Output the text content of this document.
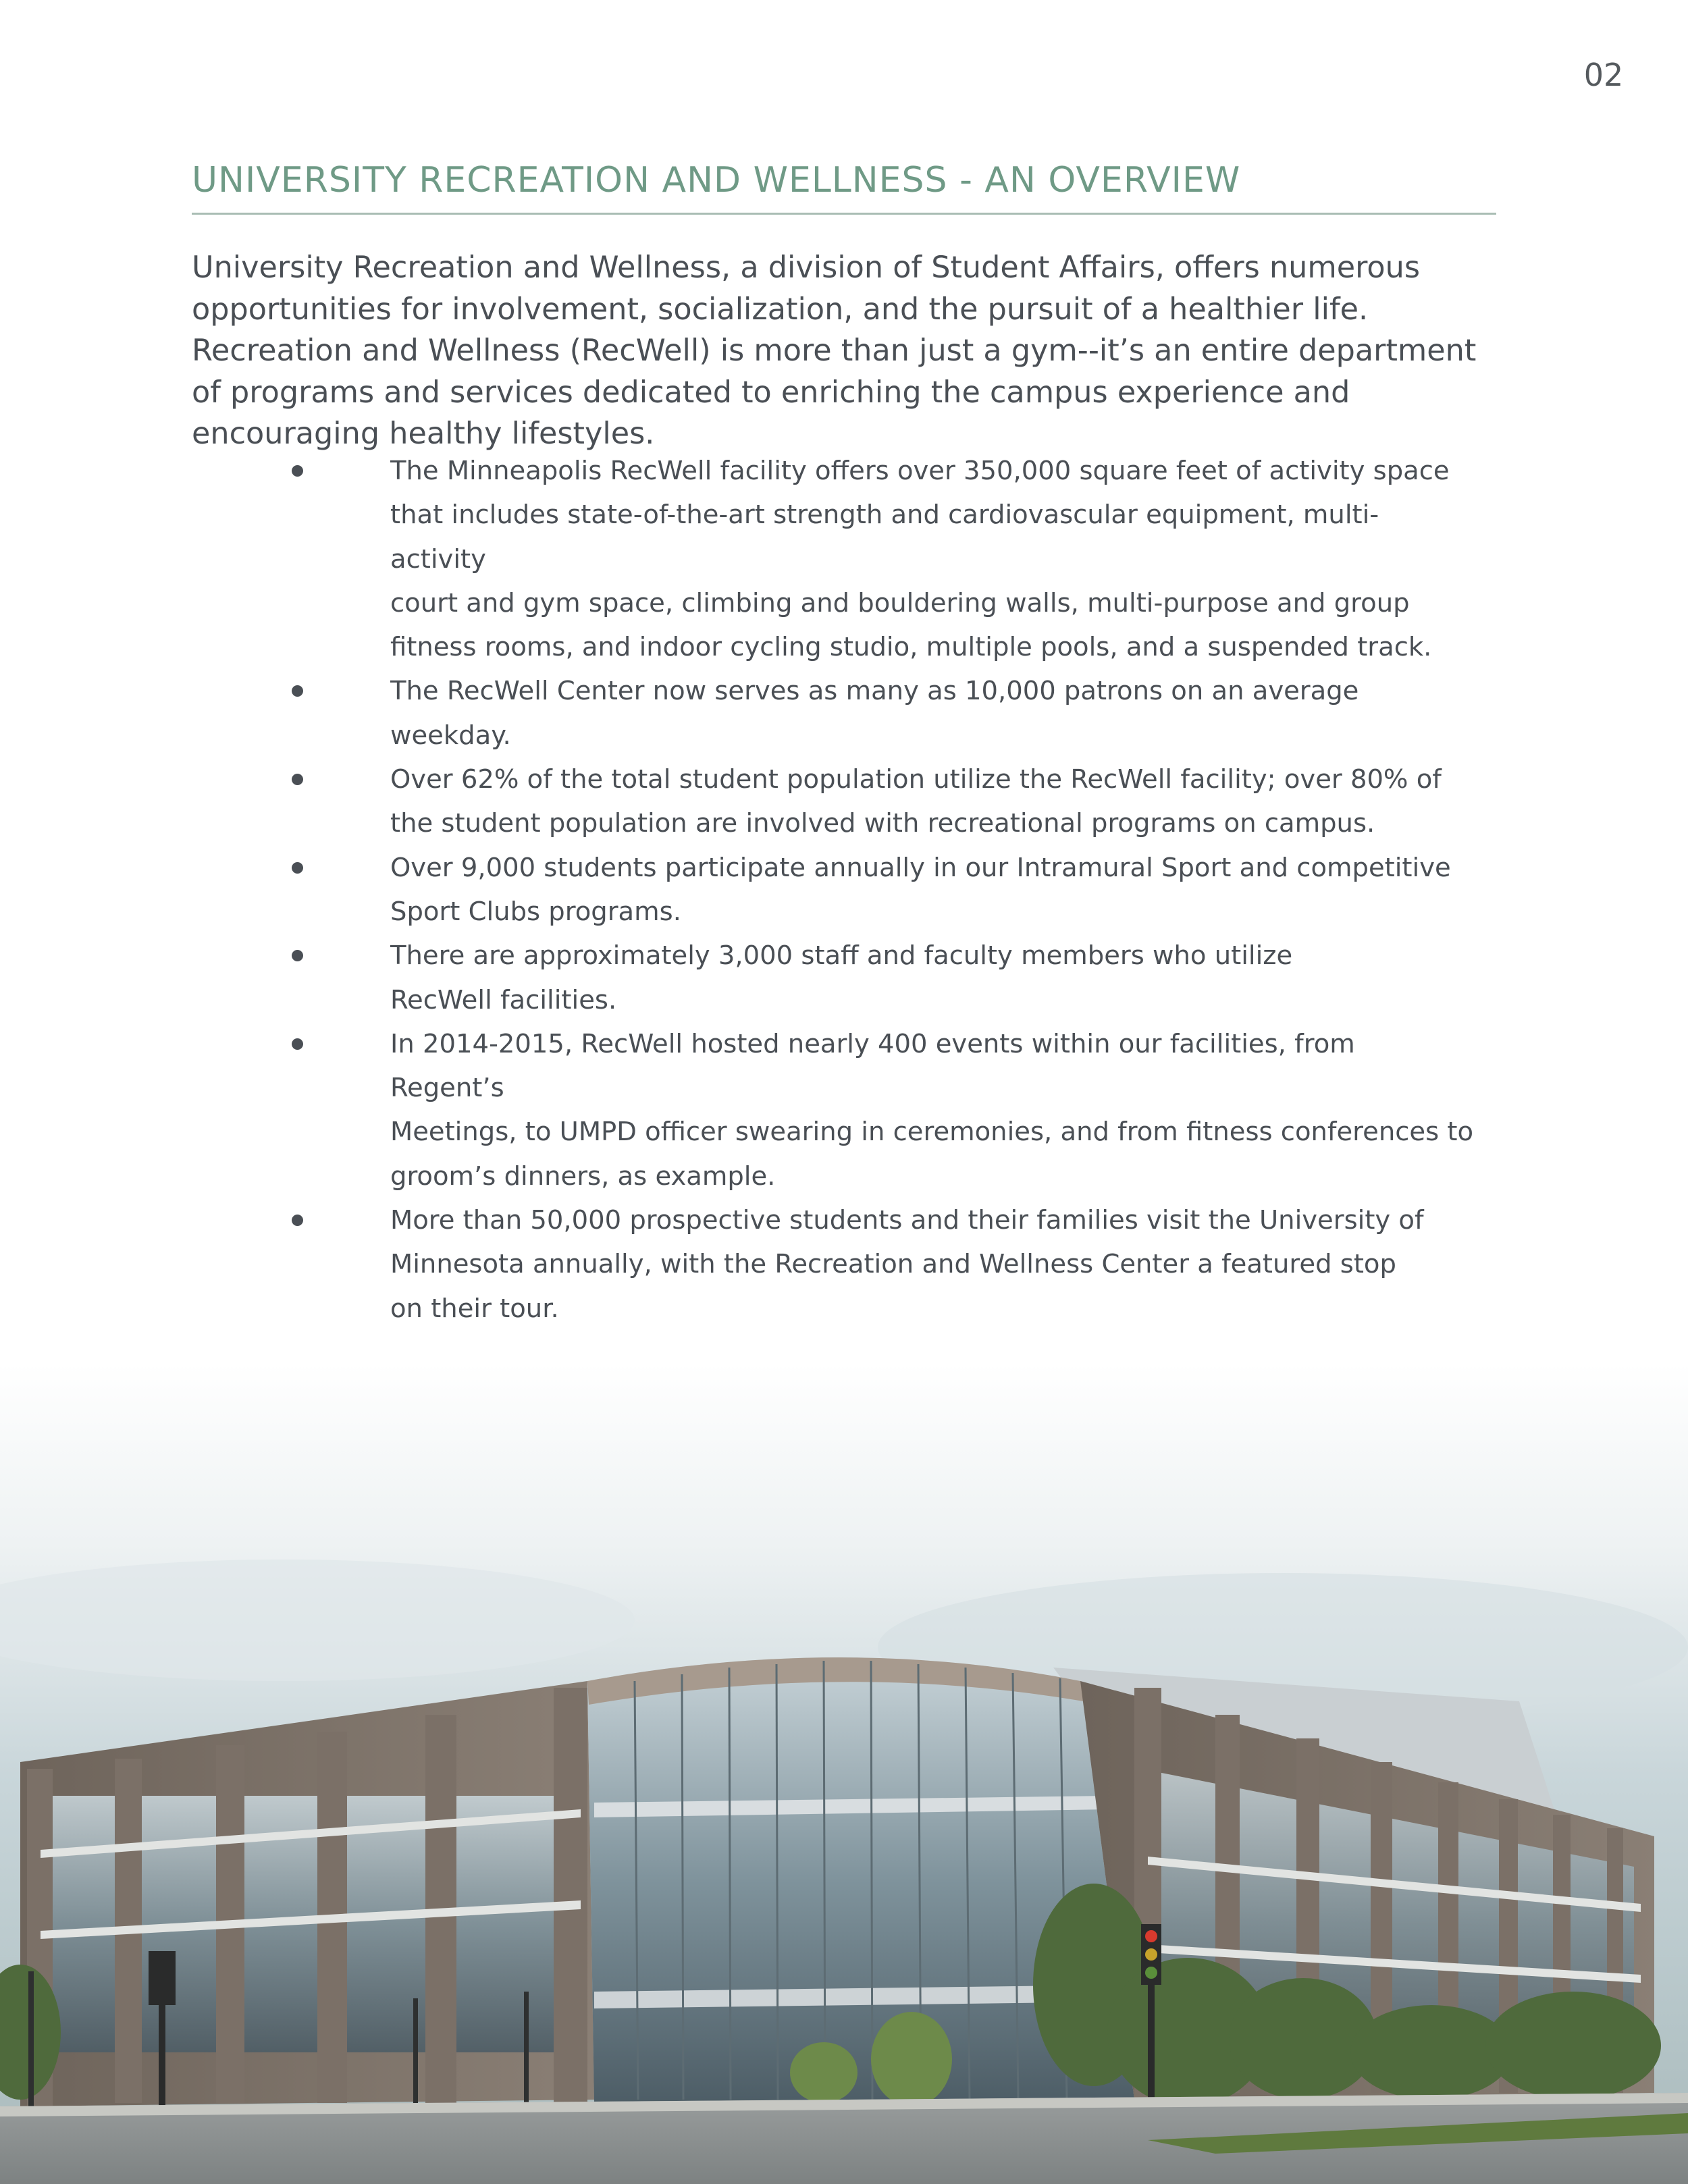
02
UNIVERSITY RECREATION AND WELLNESS - AN OVERVIEW

University Recreation and Wellness, a division of Student Affairs, offers numerous opportunities for involvement, socialization, and the pursuit of a healthier life. Recreation and Wellness (RecWell) is more than just a gym--it’s an entire department of programs and services dedicated to enriching the campus experience and encouraging healthy lifestyles.

The Minneapolis RecWell facility offers over 350,000 square feet of activity space
that includes state-of-the-art strength and cardiovascular equipment, multi-activity
court and gym space, climbing and bouldering walls, multi-purpose and group
fitness rooms, and indoor cycling studio, multiple pools, and a suspended track.
The RecWell Center now serves as many as 10,000 patrons on an average weekday.
Over 62% of the total student population utilize the RecWell facility; over 80% of
the student population are involved with recreational programs on campus.
Over 9,000 students participate annually in our Intramural Sport and competitive
Sport Clubs programs.
There are approximately 3,000 staff and faculty members who utilize
RecWell facilities.
In 2014-2015, RecWell hosted nearly 400 events within our facilities, from Regent’s
Meetings, to UMPD officer swearing in ceremonies, and from fitness conferences to
groom’s dinners, as example.
More than 50,000 prospective students and their families visit the University of
Minnesota annually, with the Recreation and Wellness Center a featured stop
on their tour.
